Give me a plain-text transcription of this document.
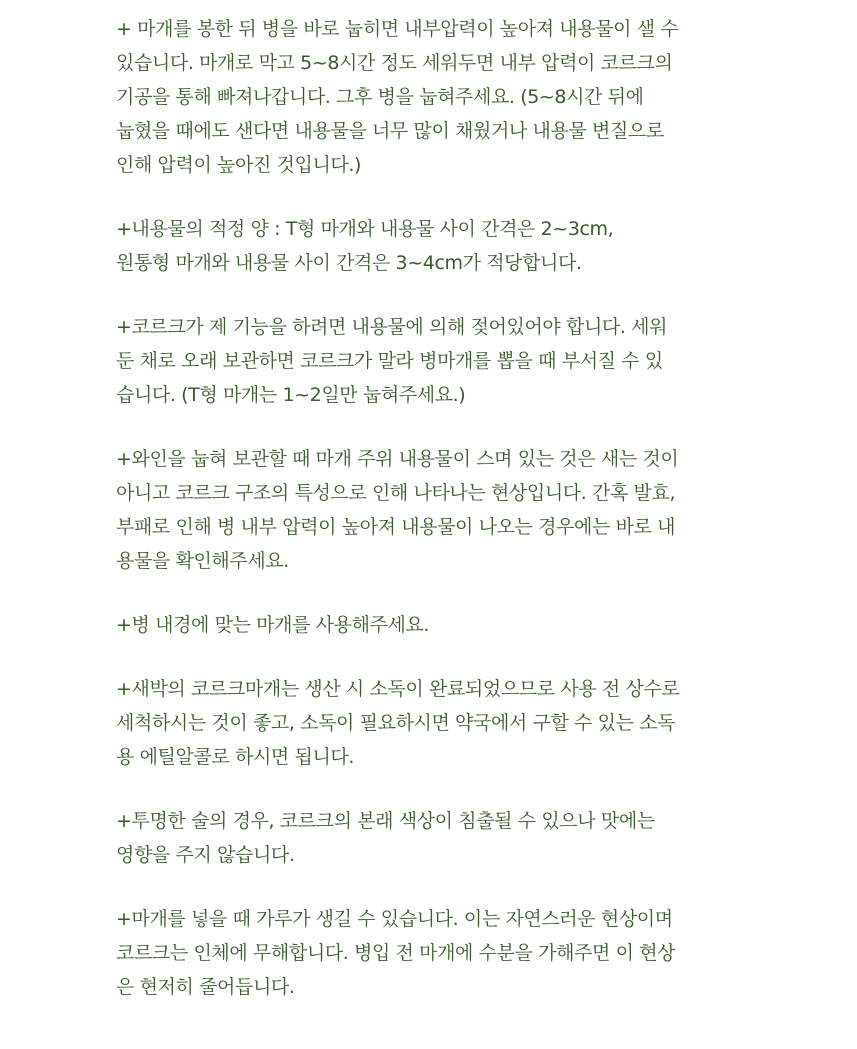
+ 마개를 봉한 뒤 병을 바로 눕히면 내부압력이 높아져 내용물이 샐 수
있습니다. 마개로 막고 5~8시간 정도 세워두면 내부 압력이 코르크의
기공을 통해 빠져나갑니다. 그후 병을 눕혀주세요. (5~8시간 뒤에
눕혔을 때에도 샌다면 내용물을 너무 많이 채웠거나 내용물 변질으로
인해 압력이 높아진 것입니다.)
+내용물의 적정 양 : T형 마개와 내용물 사이 간격은 2~3cm,
원통형 마개와 내용물 사이 간격은 3~4cm가 적당합니다.
+코르크가 제 기능을 하려면 내용물에 의해 젖어있어야 합니다. 세워
둔 채로 오래 보관하면 코르크가 말라 병마개를 뽑을 때 부서질 수 있
습니다. (T형 마개는 1~2일만 눕혀주세요.)
+와인을 눕혀 보관할 때 마개 주위 내용물이 스며 있는 것은 새는 것이
아니고 코르크 구조의 특성으로 인해 나타나는 현상입니다. 간혹 발효,
부패로 인해 병 내부 압력이 높아져 내용물이 나오는 경우에는 바로 내
용물을 확인해주세요.
+병 내경에 맞는 마개를 사용해주세요.
+새박의 코르크마개는 생산 시 소독이 완료되었으므로 사용 전 상수로
세척하시는 것이 좋고, 소독이 필요하시면 약국에서 구할 수 있는 소독
용 에틸알콜로 하시면 됩니다.
+투명한 술의 경우, 코르크의 본래 색상이 침출될 수 있으나 맛에는
영향을 주지 않습니다.
+마개를 넣을 때 가루가 생길 수 있습니다. 이는 자연스러운 현상이며
코르크는 인체에 무해합니다. 병입 전 마개에 수분을 가해주면 이 현상
은 현저히 줄어듭니다.
